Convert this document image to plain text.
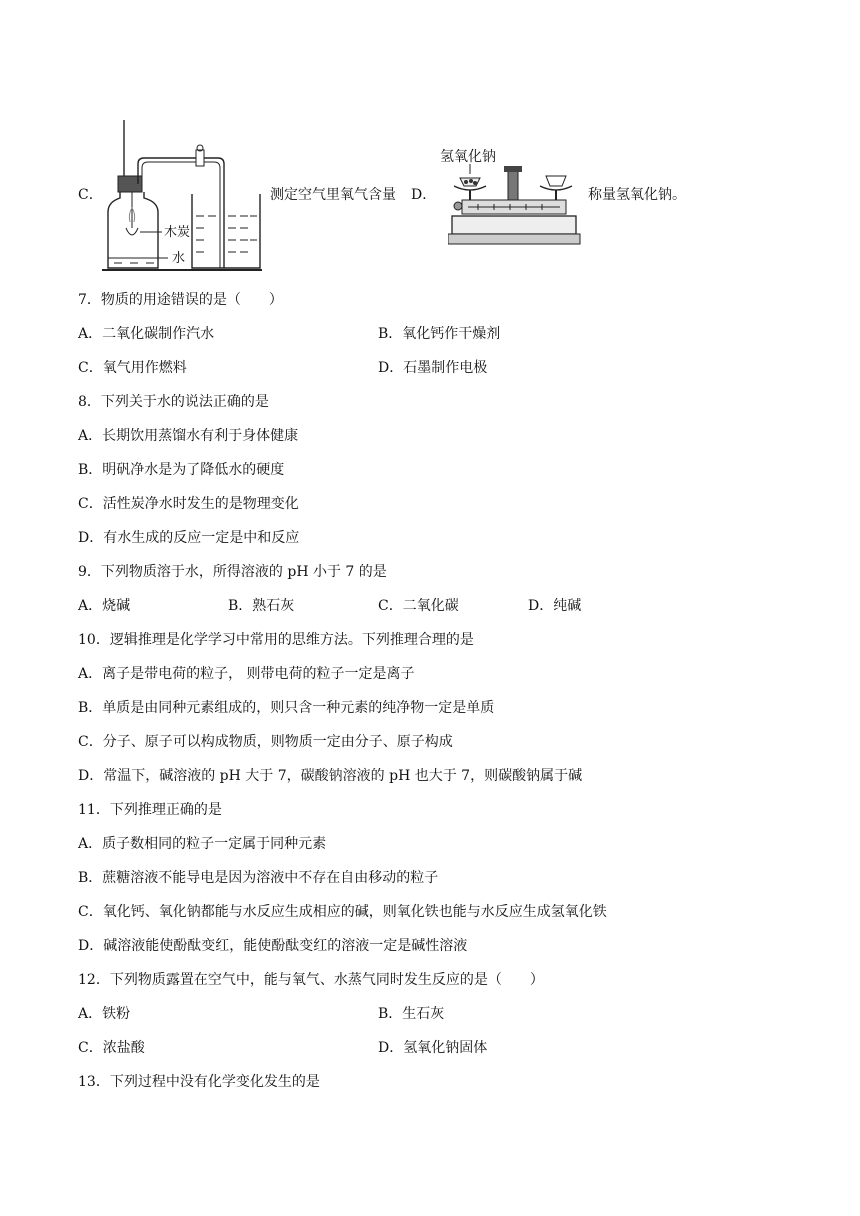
C．
木炭
水
测定空气里氧气含量 D．
氢氧化钠
称量氢氧化钠。
7．物质的用途错误的是（　　）
A．二氧化碳制作汽水	B．氧化钙作干燥剂
C．氧气用作燃料	D．石墨制作电极
8．下列关于水的说法正确的是
A．长期饮用蒸馏水有利于身体健康
B．明矾净水是为了降低水的硬度
C．活性炭净水时发生的是物理变化
D．有水生成的反应一定是中和反应
9．下列物质溶于水，所得溶液的 pH 小于 7 的是
A．烧碱	B．熟石灰	C．二氧化碳	D．纯碱
10．逻辑推理是化学学习中常用的思维方法。下列推理合理的是
A．离子是带电荷的粒子， 则带电荷的粒子一定是离子
B．单质是由同种元素组成的，则只含一种元素的纯净物一定是单质
C．分子、原子可以构成物质，则物质一定由分子、原子构成
D．常温下，碱溶液的 pH 大于 7，碳酸钠溶液的 pH 也大于 7，则碳酸钠属于碱
11．下列推理正确的是
A．质子数相同的粒子一定属于同种元素
B．蔗糖溶液不能导电是因为溶液中不存在自由移动的粒子
C．氧化钙、氧化钠都能与水反应生成相应的碱，则氧化铁也能与水反应生成氢氧化铁
D．碱溶液能使酚酞变红，能使酚酞变红的溶液一定是碱性溶液
12．下列物质露置在空气中，能与氧气、水蒸气同时发生反应的是（　　）
A．铁粉	B．生石灰
C．浓盐酸	D．氢氧化钠固体
13．下列过程中没有化学变化发生的是
